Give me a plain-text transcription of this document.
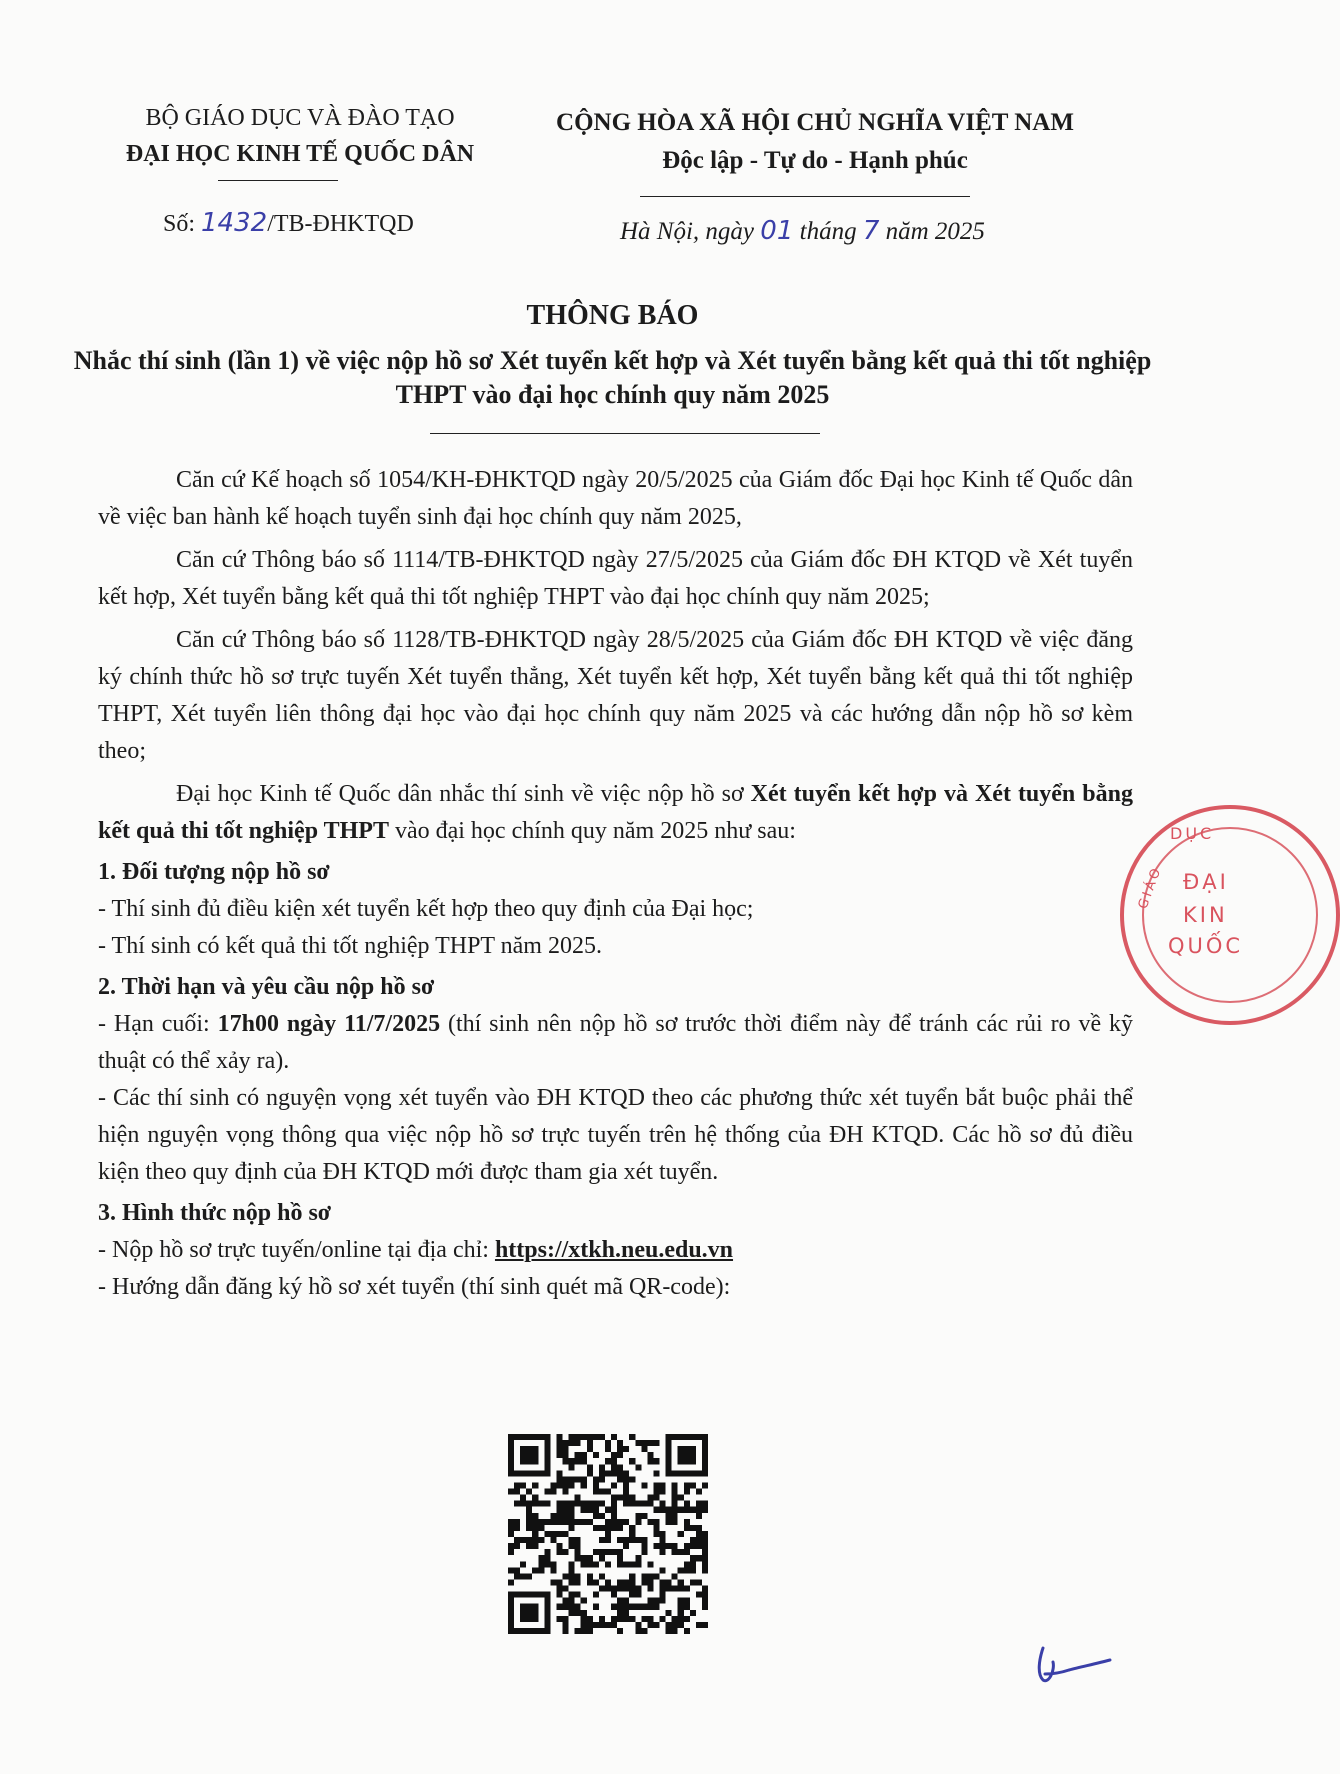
BỘ GIÁO DỤC VÀ ĐÀO TẠO
ĐẠI HỌC KINH TẾ QUỐC DÂN
CỘNG HÒA XÃ HỘI CHỦ NGHĨA VIỆT NAM
Độc lập - Tự do - Hạnh phúc
Số: 1432/TB-ĐHKTQD	Hà Nội, ngày 01 tháng 7 năm 2025
THÔNG BÁO
Nhắc thí sinh (lần 1) về việc nộp hồ sơ Xét tuyển kết hợp và Xét tuyển bằng kết quả thi tốt nghiệp THPT vào đại học chính quy năm 2025

Căn cứ Kế hoạch số 1054/KH-ĐHKTQD ngày 20/5/2025 của Giám đốc Đại học Kinh tế Quốc dân về việc ban hành kế hoạch tuyển sinh đại học chính quy năm 2025,

Căn cứ Thông báo số 1114/TB-ĐHKTQD ngày 27/5/2025 của Giám đốc ĐH KTQD về Xét tuyển kết hợp, Xét tuyển bằng kết quả thi tốt nghiệp THPT vào đại học chính quy năm 2025;

Căn cứ Thông báo số 1128/TB-ĐHKTQD ngày 28/5/2025 của Giám đốc ĐH KTQD về việc đăng ký chính thức hồ sơ trực tuyến Xét tuyển thẳng, Xét tuyển kết hợp, Xét tuyển bằng kết quả thi tốt nghiệp THPT, Xét tuyển liên thông đại học vào đại học chính quy năm 2025 và các hướng dẫn nộp hồ sơ kèm theo;

Đại học Kinh tế Quốc dân nhắc thí sinh về việc nộp hồ sơ Xét tuyển kết hợp và Xét tuyển bằng kết quả thi tốt nghiệp THPT vào đại học chính quy năm 2025 như sau:

1. Đối tượng nộp hồ sơ

- Thí sinh đủ điều kiện xét tuyển kết hợp theo quy định của Đại học;

- Thí sinh có kết quả thi tốt nghiệp THPT năm 2025.

2. Thời hạn và yêu cầu nộp hồ sơ

- Hạn cuối: 17h00 ngày 11/7/2025 (thí sinh nên nộp hồ sơ trước thời điểm này để tránh các rủi ro về kỹ thuật có thể xảy ra).

- Các thí sinh có nguyện vọng xét tuyển vào ĐH KTQD theo các phương thức xét tuyển bắt buộc phải thể hiện nguyện vọng thông qua việc nộp hồ sơ trực tuyến trên hệ thống của ĐH KTQD. Các hồ sơ đủ điều kiện theo quy định của ĐH KTQD mới được tham gia xét tuyển.

3. Hình thức nộp hồ sơ

- Nộp hồ sơ trực tuyến/online tại địa chỉ: https://xtkh.neu.edu.vn

- Hướng dẫn đăng ký hồ sơ xét tuyển (thí sinh quét mã QR-code):

DỤC
GIÁO ĐẠI
KIN
QUỐC
